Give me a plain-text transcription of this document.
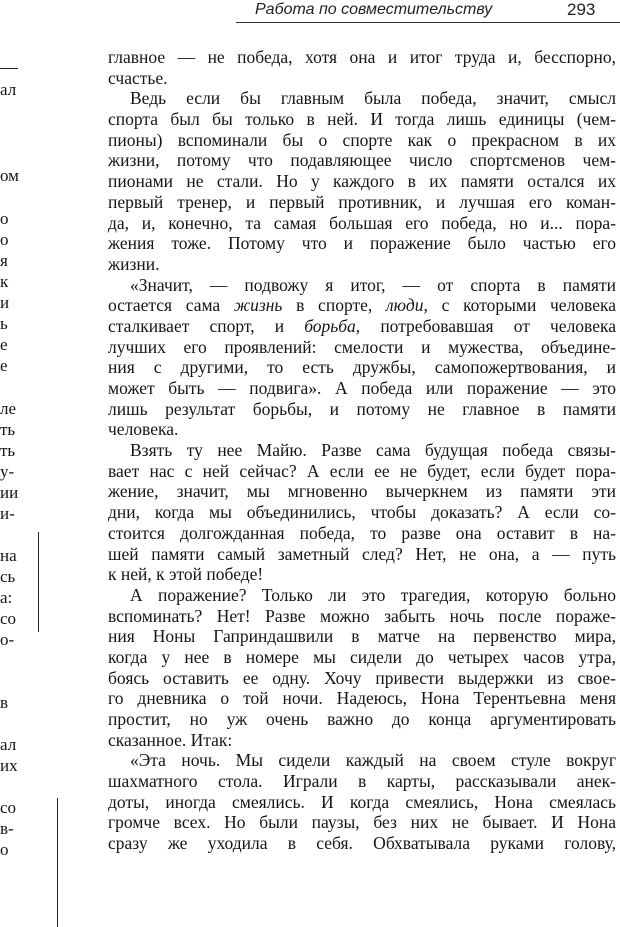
Работа по совместительству	293
ал
ом
о
о
я
к
и
ь
е
е
ле
ть
ть
у-
ии
и-
на
сь
а:
со
о-
в
ал
их
со
в-
о
главное — не победа, хотя она и итог труда и, бесспорно,
счастье.
Ведь если бы главным была победа, значит, смысл
спорта был бы только в ней. И тогда лишь единицы (чем-
пионы) вспоминали бы о спорте как о прекрасном в их
жизни, потому что подавляющее число спортсменов чем-
пионами не стали. Но у каждого в их памяти остался их
первый тренер, и первый противник, и лучшая его коман-
да, и, конечно, та самая большая его победа, но и... пора-
жения тоже. Потому что и поражение было частью его
жизни.
«Значит, — подвожу я итог, — от спорта в памяти
остается сама жизнь в спорте, люди, с которыми человека
сталкивает спорт, и борьба, потребовавшая от человека
лучших его проявлений: смелости и мужества, объедине-
ния с другими, то есть дружбы, самопожертвования, и
может быть — подвига». А победа или поражение — это
лишь результат борьбы, и потому не главное в памяти
человека.
Взять ту нее Майю. Разве сама будущая победа связы-
вает нас с ней сейчас? А если ее не будет, если будет пора-
жение, значит, мы мгновенно вычеркнем из памяти эти
дни, когда мы объединились, чтобы доказать? А если со-
стоится долгожданная победа, то разве она оставит в на-
шей памяти самый заметный след? Нет, не она, а — путь
к ней, к этой победе!
А поражение? Только ли это трагедия, которую больно
вспоминать? Нет! Разве можно забыть ночь после пораже-
ния Ноны Гаприндашвили в матче на первенство мира,
когда у нее в номере мы сидели до четырех часов утра,
боясь оставить ее одну. Хочу привести выдержки из свое-
го дневника о той ночи. Надеюсь, Нона Терентьевна меня
простит, но уж очень важно до конца аргументировать
сказанное. Итак:
«Эта ночь. Мы сидели каждый на своем стуле вокруг
шахматного стола. Играли в карты, рассказывали анек-
доты, иногда смеялись. И когда смеялись, Нона смеялась
громче всех. Но были паузы, без них не бывает. И Нона
сразу же уходила в себя. Обхватывала руками голову,
